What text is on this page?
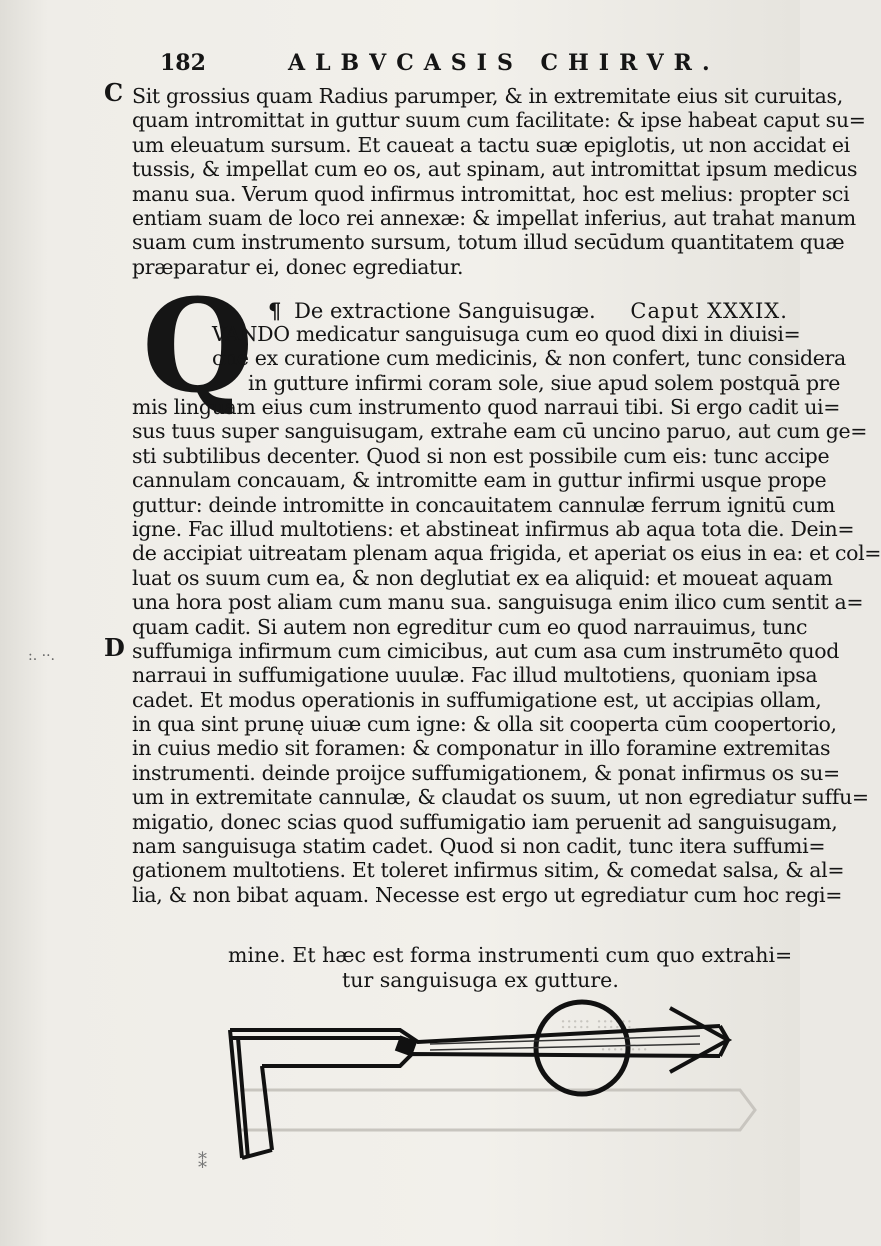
182	ALBVCASIS CHIRVR.
C
D
:. ··.
Sit grossius quam Radius parumper, & in extremitate eius sit curuitas,
quam intromittat in guttur suum cum facilitate: & ipse habeat caput su=
um eleuatum sursum. Et caueat a tactu suæ epiglotis, ut non accidat ei
tussis, & impellat cum eo os, aut spinam, aut intromittat ipsum medicus
manu sua. Verum quod infirmus intromittat, hoc est melius: propter sci
entiam suam de loco rei annexæ: & impellat inferius, aut trahat manum
suam cum instrumento sursum, totum illud secūdum quantitatem quæ
præparatur ei, donec egrediatur.
Q ¶ De extractione Sanguisugæ. Caput XXXIX.
VANDO medicatur sanguisuga cum eo quod dixi in diuisi=
one ex curatione cum medicinis, & non confert, tunc considera
in gutture infirmi coram sole, siue apud solem postquā pre
mis linguam eius cum instrumento quod narraui tibi. Si ergo cadit ui=
sus tuus super sanguisugam, extrahe eam cū uncino paruo, aut cum ge=
sti subtilibus decenter. Quod si non est possibile cum eis: tunc accipe
cannulam concauam, & intromitte eam in guttur infirmi usque prope
guttur: deinde intromitte in concauitatem cannulæ ferrum ignitū cum
igne. Fac illud multotiens: et abstineat infirmus ab aqua tota die. Dein=
de accipiat uitreatam plenam aqua frigida, et aperiat os eius in ea: et col=
luat os suum cum ea, & non deglutiat ex ea aliquid: et moueat aquam
una hora post aliam cum manu sua. sanguisuga enim ilico cum sentit a=
quam cadit. Si autem non egreditur cum eo quod narrauimus, tunc
suffumiga infirmum cum cimicibus, aut cum asa cum instrumēto quod
narraui in suffumigatione uuulæ. Fac illud multotiens, quoniam ipsa
cadet. Et modus operationis in suffumigatione est, ut accipias ollam,
in qua sint prunę uiuæ cum igne: & olla sit cooperta cūm coopertorio,
in cuius medio sit foramen: & componatur in illo foramine extremitas
instrumenti. deinde proijce suffumigationem, & ponat infirmus os su=
um in extremitate cannulæ, & claudat os suum, ut non egrediatur suffu=
migatio, donec scias quod suffumigatio iam peruenit ad sanguisugam,
nam sanguisuga statim cadet. Quod si non cadit, tunc itera suffumi=
gationem multotiens. Et toleret infirmus sitim, & comedat salsa, & al=
lia, & non bibat aquam. Necesse est ergo ut egrediatur cum hoc regi=
mine. Et hæc est forma instrumenti cum quo extrahi=
tur sanguisuga ex gutture.
::::: ::::::
:::: :::
⁑
